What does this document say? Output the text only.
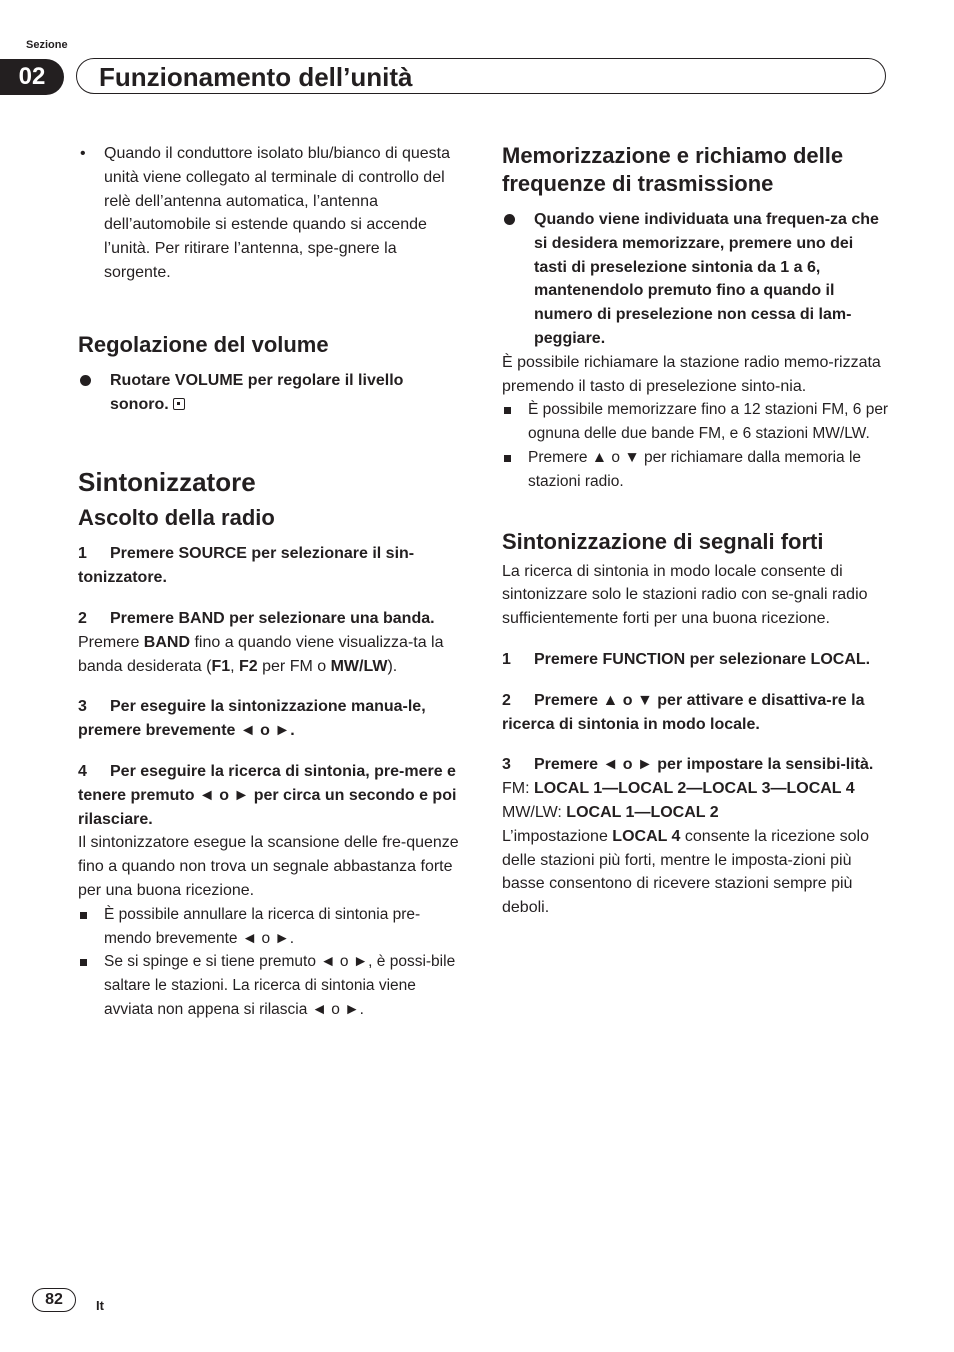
Sezione
02	Funzionamento dell’unità

• Quando il conduttore isolato blu/bianco di questa unità viene collegato al terminale di controllo del relè dell’antenna automatica, l’antenna dell’automobile si estende quando si accende l’unità. Per ritirare l’antenna, spe-gnere la sorgente.

Regolazione del volume

Ruotare VOLUME per regolare il livello sonoro.

Sintonizzatore
Ascolto della radio

1 Premere SOURCE per selezionare il sin-tonizzatore.

2 Premere BAND per selezionare una banda.

Premere BAND fino a quando viene visualizza-ta la banda desiderata (F1, F2 per FM o MW/LW).

3 Per eseguire la sintonizzazione manua-le, premere brevemente ◄ o ►.

4 Per eseguire la ricerca di sintonia, pre-mere e tenere premuto ◄ o ► per circa un secondo e poi rilasciare.

Il sintonizzatore esegue la scansione delle fre-quenze fino a quando non trova un segnale abbastanza forte per una buona ricezione.

È possibile annullare la ricerca di sintonia pre-mendo brevemente ◄ o ►.

Se si spinge e si tiene premuto ◄ o ►, è possi-bile saltare le stazioni. La ricerca di sintonia viene avviata non appena si rilascia ◄ o ►.

Memorizzazione e richiamo delle frequenze di trasmissione

Quando viene individuata una frequen-za che si desidera memorizzare, premere uno dei tasti di preselezione sintonia da 1 a 6, mantenendolo premuto fino a quando il numero di preselezione non cessa di lam-peggiare.

È possibile richiamare la stazione radio memo-rizzata premendo il tasto di preselezione sinto-nia.

È possibile memorizzare fino a 12 stazioni FM, 6 per ognuna delle due bande FM, e 6 stazioni MW/LW.

Premere ▲ o ▼ per richiamare dalla memoria le stazioni radio.

Sintonizzazione di segnali forti

La ricerca di sintonia in modo locale consente di sintonizzare solo le stazioni radio con se-gnali radio sufficientemente forti per una buona ricezione.

1 Premere FUNCTION per selezionare LOCAL.

2 Premere ▲ o ▼ per attivare e disattiva-re la ricerca di sintonia in modo locale.

3 Premere ◄ o ► per impostare la sensibi-lità.

FM: LOCAL 1—LOCAL 2—LOCAL 3—LOCAL 4

MW/LW: LOCAL 1—LOCAL 2

L’impostazione LOCAL 4 consente la ricezione solo delle stazioni più forti, mentre le imposta-zioni più basse consentono di ricevere stazioni sempre più deboli.

82	It
